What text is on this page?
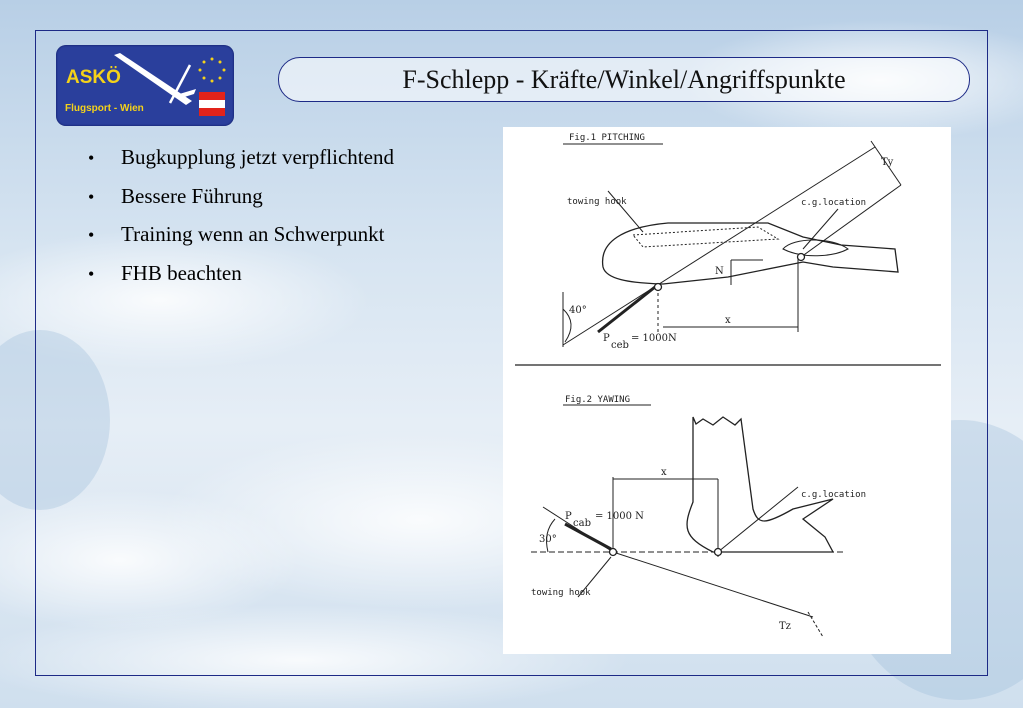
ASKÖ
Flugsport - Wien
F-Schlepp - Kräfte/Winkel/Angriffspunkte
•	Bugkupplung jetzt verpflichtend
•	Bessere Führung
•	Training wenn an Schwerpunkt
•	FHB beachten
Fig.1 PITCHING
towing hook	c.g.location
40°
P
ceb
= 1000N
N
x
Ty
Fig.2 YAWING
c.g.location
towing hook
30°
P
cab
= 1000 N
x
Tz
